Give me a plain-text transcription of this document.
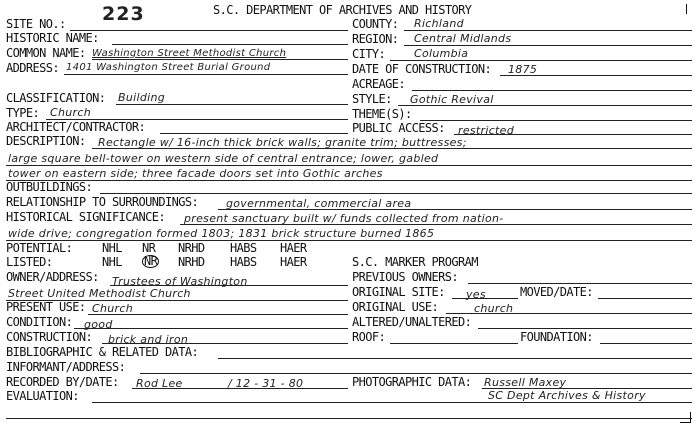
S.C. DEPARTMENT OF ARCHIVES AND HISTORY
SITE NO.: 223
HISTORIC NAME:
COMMON NAME: Washington Street Methodist Church
ADDRESS: 1401 Washington Street Burial Ground
CLASSIFICATION: Building
TYPE: Church
ARCHITECT/CONTRACTOR:
COUNTY: Richland
REGION: Central Midlands
CITY:	Columbia
DATE OF CONSTRUCTION: 1875
ACREAGE:
STYLE: Gothic Revival
THEME(S):
PUBLIC ACCESS: restricted
DESCRIPTION: Rectangle w/ 16-inch thick brick walls; granite trim; buttresses;
large square bell-tower on western side of central entrance; lower, gabled
tower on eastern side; three facade doors set into Gothic arches
OUTBUILDINGS:
RELATIONSHIP TO SURROUNDINGS:	governmental, commercial area
HISTORICAL SIGNIFICANCE: present sanctuary built w/ funds collected from nation-
wide drive; congregation formed 1803; 1831 brick structure burned 1865
POTENTIAL: NHL NR NRHD HABS HAER
LISTED:	NHL NR NRHD HABS HAER	S.C. MARKER PROGRAM
OWNER/ADDRESS: Trustees of Washington
Street United Methodist Church
PREVIOUS OWNERS:
ORIGINAL SITE: yes	MOVED/DATE:
PRESENT USE: Church	ORIGINAL USE:	church
CONDITION: good	ALTERED/UNALTERED:
CONSTRUCTION: brick and iron	ROOF:	FOUNDATION:
BIBLIOGRAPHIC & RELATED DATA:
INFORMANT/ADDRESS:
RECORDED BY/DATE: Rod Lee	/ 12 - 31 - 80	PHOTOGRAPHIC DATA: Russell Maxey
SC Dept Archives & History
EVALUATION:
